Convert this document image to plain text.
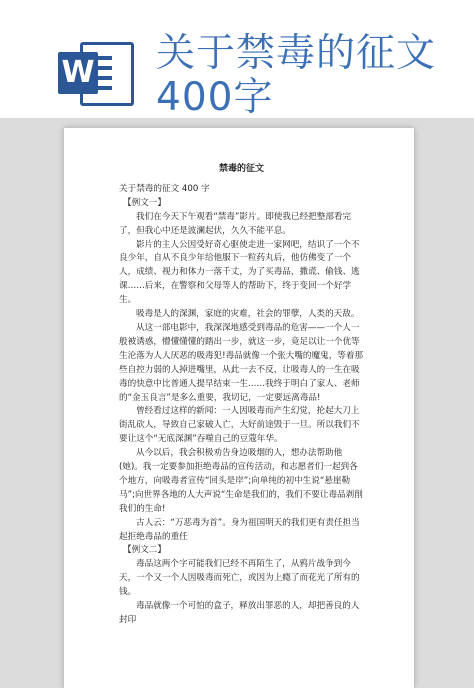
W 关于禁毒的征文400字

禁毒的征文

关于禁毒的征文 400 字

【例文一】

我们在今天下午观看“禁毒”影片。即使我已经把整部看完了，但我心中还是波澜起伏，久久不能平息。

影片的主人公因受好奇心驱使走进一家网吧，结识了一个不良少年，自从不良少年给他服下一粒药丸后，他仿佛变了一个人，成绩、视力和体力一落千丈，为了买毒品，撒谎、偷钱、逃课……后来，在警察和父母等人的帮助下，终于变回一个好学生。

吸毒是人的深渊，家庭的灾难，社会的罪孽，人类的天敌。

从这一部电影中，我深深地感受到毒品的危害——一个人一般被诱惑，懵懂懂懂的踏出一步，就这一步，竟足以让一个优等生沦落为人人厌恶的吸毒犯!毒品就像一个张大嘴的魔鬼，等着那些自控力弱的人掉进嘴里，从此一去不反，让吸毒人的一生在吸毒的快意中比普通人提早结束一生……我终于明白了家人、老师的“金玉良言”是多么重要，我切记，一定要远离毒品!

曾经看过这样的新闻：一人因吸毒而产生幻觉，抡起大刀上街乱砍人，导致自己家破人亡，大好前途毁于一旦。所以我们不要让这个“无底深渊”吞噬自己的豆蔻年华。

从今以后，我会积极劝告身边吸烟的人，想办法帮助他(她)。我一定要参加拒绝毒品的宣传活动，和志愿者们一起到各个地方，向吸毒者宣传“回头是岸”;向单纯的初中生说“悬崖勒马”;向世界各地的人大声说“生命是我们的，我们不要让毒品剥削我们的生命!

古人云：“万恶毒为首”。身为祖国明天的我们更有责任担当起拒绝毒品的重任

【例文二】

毒品这两个字可能我们已经不再陌生了，从鸦片战争到今天，一个又一个人因吸毒而死亡，或因为上瘾了而花光了所有的钱。

毒品就像一个可怕的盒子，释放出罪恶的人，却把善良的人封印
